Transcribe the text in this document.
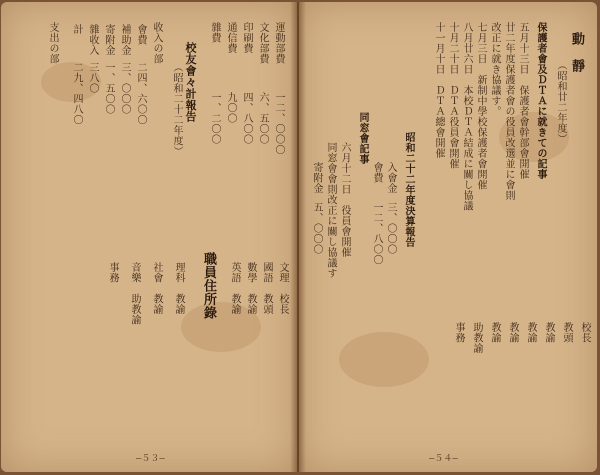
運動部費
一二、〇〇〇
文化部費
六、五〇〇
印刷費
四、八〇〇
通信費
九〇〇
雜費
一、二〇〇
校友會々計報告
（昭和二十二年度）
收入の部
會費
二四、六〇〇
補助金
三、〇〇〇
寄附金
一、五〇〇
雜收入
三八〇
計
二九、四八〇
支出の部
職員住所錄	文理　校長
國語　教頭
數學　教諭
英語　教諭
理科　教諭
社會　教諭
音樂　助教諭
事務
―５３―
動　靜
（昭和廿二年度）
保護者會及ＤＴＡに就きての記事
五月十三日　保護者會幹部會開催
廿二年度保護者會の役員改選並に會則
改正に就き協議す。
七月三日　新制中學校保護者會開催
八月廿六日　本校ＤＴＡ結成に關し協議
十月二十日　ＤＴＡ役員會開催
十一月十日　ＤＴＡ總會開催
同窓會記事
六月十二日　役員會開催
同窓會會則改正に關し協議す	昭和二十二年度決算報告
入會金
三、〇〇〇
會費
一二、八〇〇
寄附金
五、〇〇〇
校長
教頭
教諭
教諭
教諭
教諭
助教諭
事務
―５４―
